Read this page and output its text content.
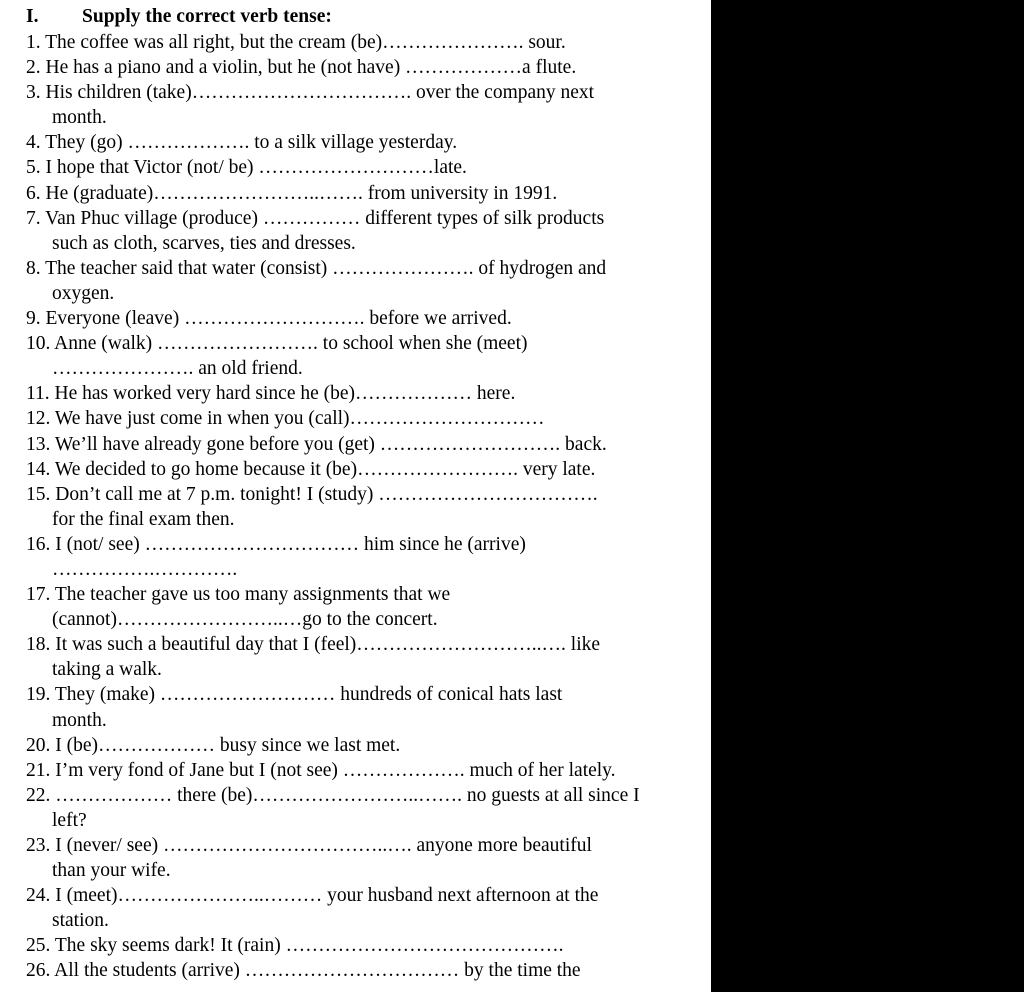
I. Supply the correct verb tense:
1. The coffee was all right, but the cream (be)…………………. sour.
2. He has a piano and a violin, but he (not have) ………………a flute.
3. His children (take)……………………………. over the company next
month.
4. They (go) ………………. to a silk village yesterday.
5. I hope that Victor (not/ be) ………………………late.
6. He (graduate)……………………..……. from university in 1991.
7. Van Phuc village (produce) …………… different types of silk products
such as cloth, scarves, ties and dresses.
8. The teacher said that water (consist) …………………. of hydrogen and
oxygen.
9. Everyone (leave) ………………………. before we arrived.
10. Anne (walk) ……………………. to school when she (meet)
…………………. an old friend.
11. He has worked very hard since he (be)……………… here.
12. We have just come in when you (call)…………………………
13. We’ll have already gone before you (get) ………………………. back.
14. We decided to go home because it (be)……………………. very late.
15. Don’t call me at 7 p.m. tonight! I (study) …………………………….
for the final exam then.
16. I (not/ see) …………………………… him since he (arrive)
…………….………….
17. The teacher gave us too many assignments that we
(cannot)……………………..…go to the concert.
18. It was such a beautiful day that I (feel)………………………..…. like
taking a walk.
19. They (make) ……………………… hundreds of conical hats last
month.
20. I (be)……………… busy since we last met.
21. I’m very fond of Jane but I (not see) ………………. much of her lately.
22. ……………… there (be)……………………..……. no guests at all since I
left?
23. I (never/ see) ……………………………..…. anyone more beautiful
than your wife.
24. I (meet)…………………..……… your husband next afternoon at the
station.
25. The sky seems dark! It (rain) …………………………………….
26. All the students (arrive) …………………………… by the time the
